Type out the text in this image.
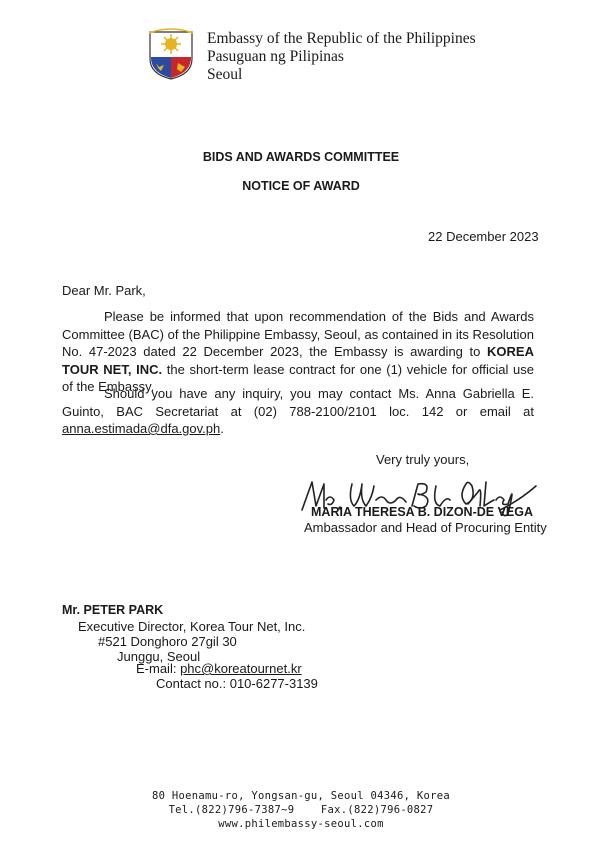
Embassy of the Republic of the Philippines
Pasuguan ng Pilipinas
Seoul
BIDS AND AWARDS COMMITTEE
NOTICE OF AWARD
22 December 2023
Dear Mr. Park,
Please be informed that upon recommendation of the Bids and Awards Committee (BAC) of the Philippine Embassy, Seoul, as contained in its Resolution No. 47-2023 dated 22 December 2023, the Embassy is awarding to KOREA TOUR NET, INC. the short-term lease contract for one (1) vehicle for official use of the Embassy.
Should you have any inquiry, you may contact Ms. Anna Gabriella E. Guinto, BAC Secretariat at (02) 788-2100/2101 loc. 142 or email at anna.estimada@dfa.gov.ph.
Very truly yours,
MARIA THERESA B. DIZON-DE VEGA
Ambassador and Head of Procuring Entity
Mr. PETER PARK
Executive Director, Korea Tour Net, Inc.
#521 Donghoro 27gil 30
Junggu, Seoul
E-mail: phc@koreatournet.kr
Contact no.: 010-6277-3139
80 Hoenamu-ro, Yongsan-gu, Seoul 04346, Korea
Tel.(822)796-7387~9    Fax.(822)796-0827
www.philembassy-seoul.com
